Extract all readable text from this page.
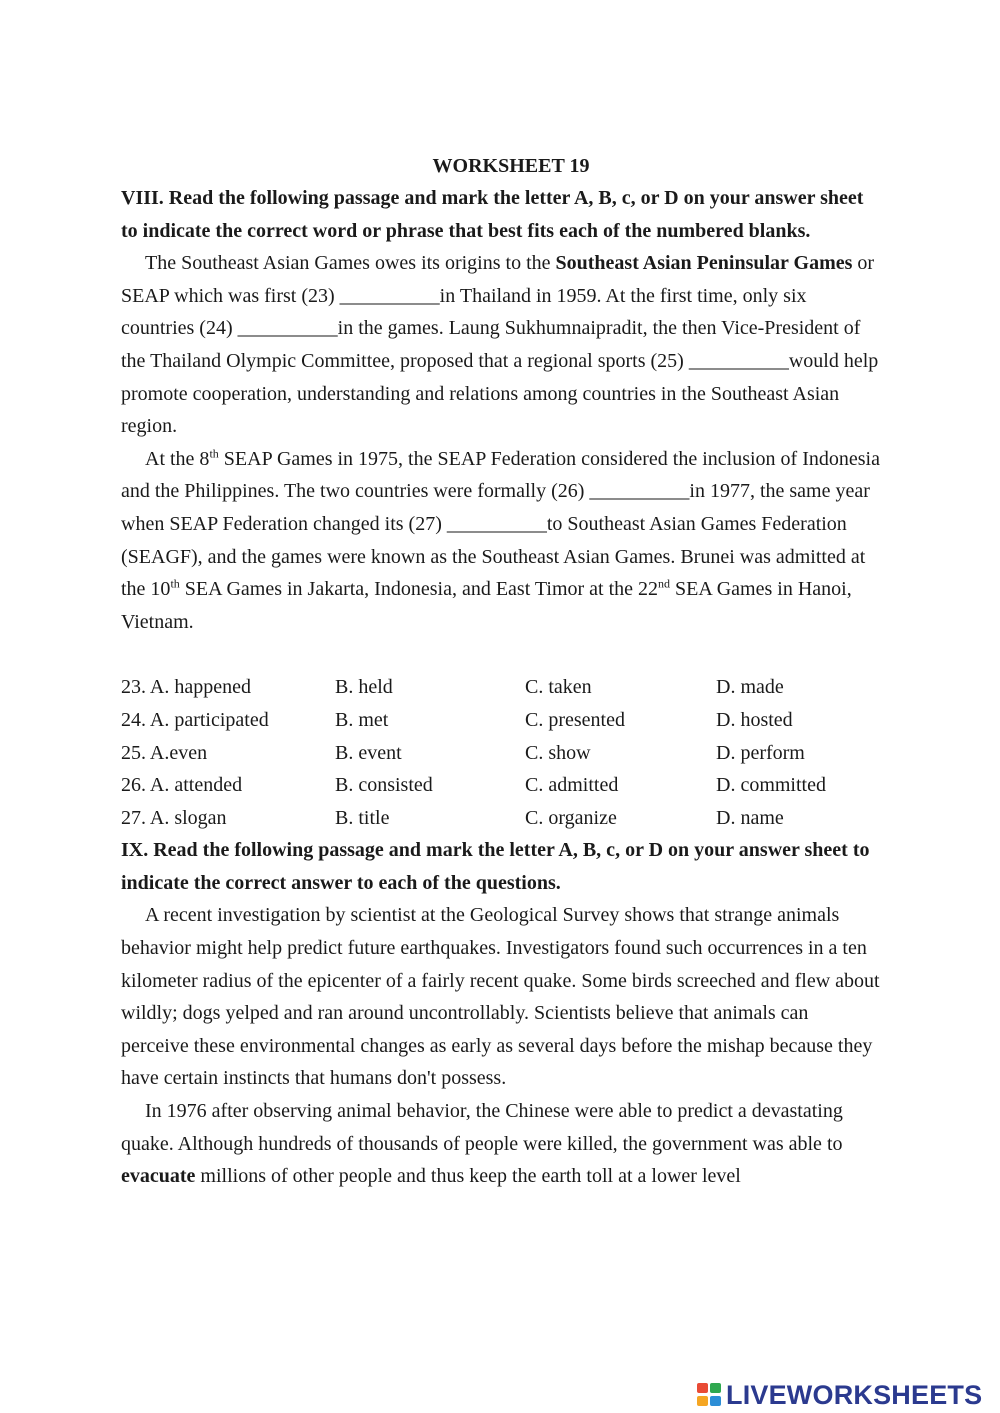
WORKSHEET 19

VIII. Read the following passage and mark the letter A, B, c, or D on your answer sheet to indicate the correct word or phrase that best fits each of the numbered blanks.

The Southeast Asian Games owes its origins to the Southeast Asian Peninsular Games or SEAP which was first (23) __________in Thailand in 1959. At the first time, only six countries (24) __________in the games. Laung Sukhumnaipradit, the then Vice-President of the Thailand Olympic Committee, proposed that a regional sports (25) __________would help promote cooperation, understanding and relations among countries in the Southeast Asian region.

At the 8th SEAP Games in 1975, the SEAP Federation considered the inclusion of Indonesia and the Philippines. The two countries were formally (26) __________in 1977, the same year when SEAP Federation changed its (27) __________to Southeast Asian Games Federation (SEAGF), and the games were known as the Southeast Asian Games. Brunei was admitted at the 10th SEA Games in Jakarta, Indonesia, and East Timor at the 22nd SEA Games in Hanoi, Vietnam.

23. A. happened	B. held	C. taken	D. made
24. A. participated	B. met	C. presented	D. hosted
25. A.even	B. event	C. show	D. perform
26. A. attended	B. consisted	C. admitted	D. committed
27. A. slogan	B. title	C. organize	D. name

IX. Read the following passage and mark the letter A, B, c, or D on your answer sheet to indicate the correct answer to each of the questions.

A recent investigation by scientist at the Geological Survey shows that strange animals behavior might help predict future earthquakes. Investigators found such occurrences in a ten kilometer radius of the epicenter of a fairly recent quake. Some birds screeched and flew about wildly; dogs yelped and ran around uncontrollably. Scientists believe that animals can perceive these environmental changes as early as several days before the mishap because they have certain instincts that humans don't possess.

In 1976 after observing animal behavior, the Chinese were able to predict a devastating quake. Although hundreds of thousands of people were killed, the government was able to evacuate millions of other people and thus keep the earth toll at a lower level

LIVEWORKSHEETS
